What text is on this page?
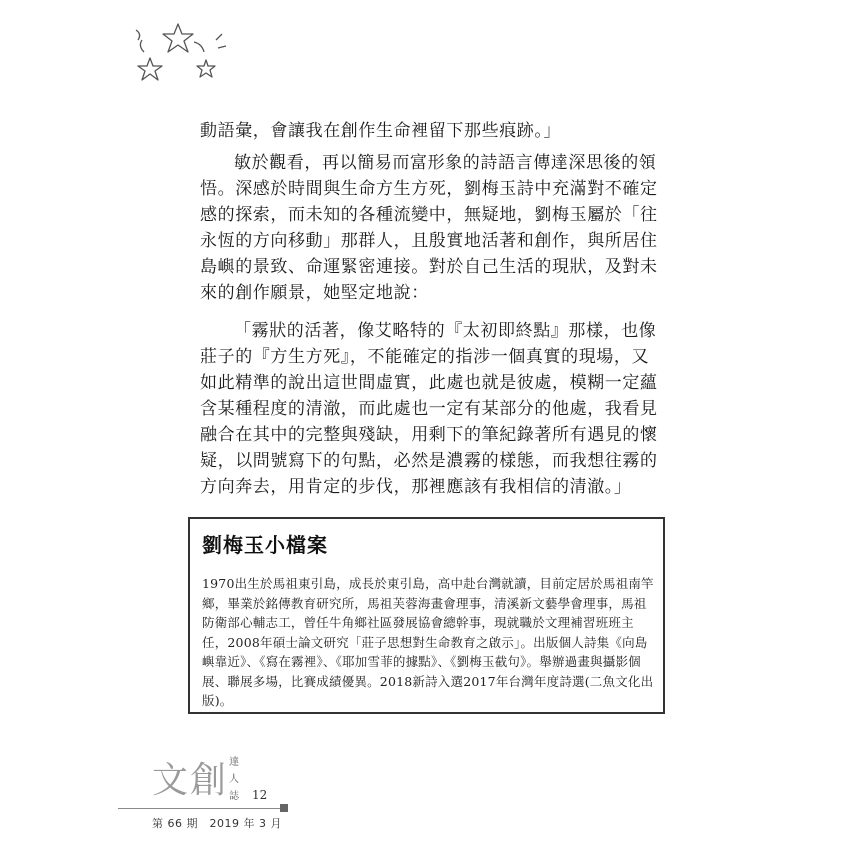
動語彙，會讓我在創作生命裡留下那些痕跡。」

敏於觀看，再以簡易而富形象的詩語言傳達深思後的領悟。深感於時間與生命方生方死，劉梅玉詩中充滿對不確定感的探索，而未知的各種流變中，無疑地，劉梅玉屬於「往永恆的方向移動」那群人，且殷實地活著和創作，與所居住島嶼的景致、命運緊密連接。對於自己生活的現狀，及對未來的創作願景，她堅定地說：

「霧狀的活著，像艾略特的『太初即終點』那樣，也像莊子的『方生方死』，不能確定的指涉一個真實的現場，又如此精準的說出這世間虛實，此處也就是彼處，模糊一定蘊含某種程度的清澈，而此處也一定有某部分的他處，我看見融合在其中的完整與殘缺，用剩下的筆紀錄著所有遇見的懷疑，以問號寫下的句點，必然是濃霧的樣態，而我想往霧的方向奔去，用肯定的步伐，那裡應該有我相信的清澈。」

劉梅玉小檔案

1970出生於馬祖東引島，成長於東引島，高中赴台灣就讀，目前定居於馬祖南竿鄉，畢業於銘傳教育研究所，馬祖芙蓉海畫會理事，清溪新文藝學會理事，馬祖防衛部心輔志工，曾任牛角鄉社區發展協會總幹事，現就職於文理補習班班主任，2008年碩士論文研究「莊子思想對生命教育之啟示」。出版個人詩集《向島嶼靠近》、《寫在霧裡》、《耶加雪菲的據點》、《劉梅玉截句》。舉辦過畫與攝影個展、聯展多場，比賽成績優異。2018新詩入選2017年台灣年度詩選(二魚文化出版)。

文創 達人誌 12
第 66 期　2019 年 3 月
